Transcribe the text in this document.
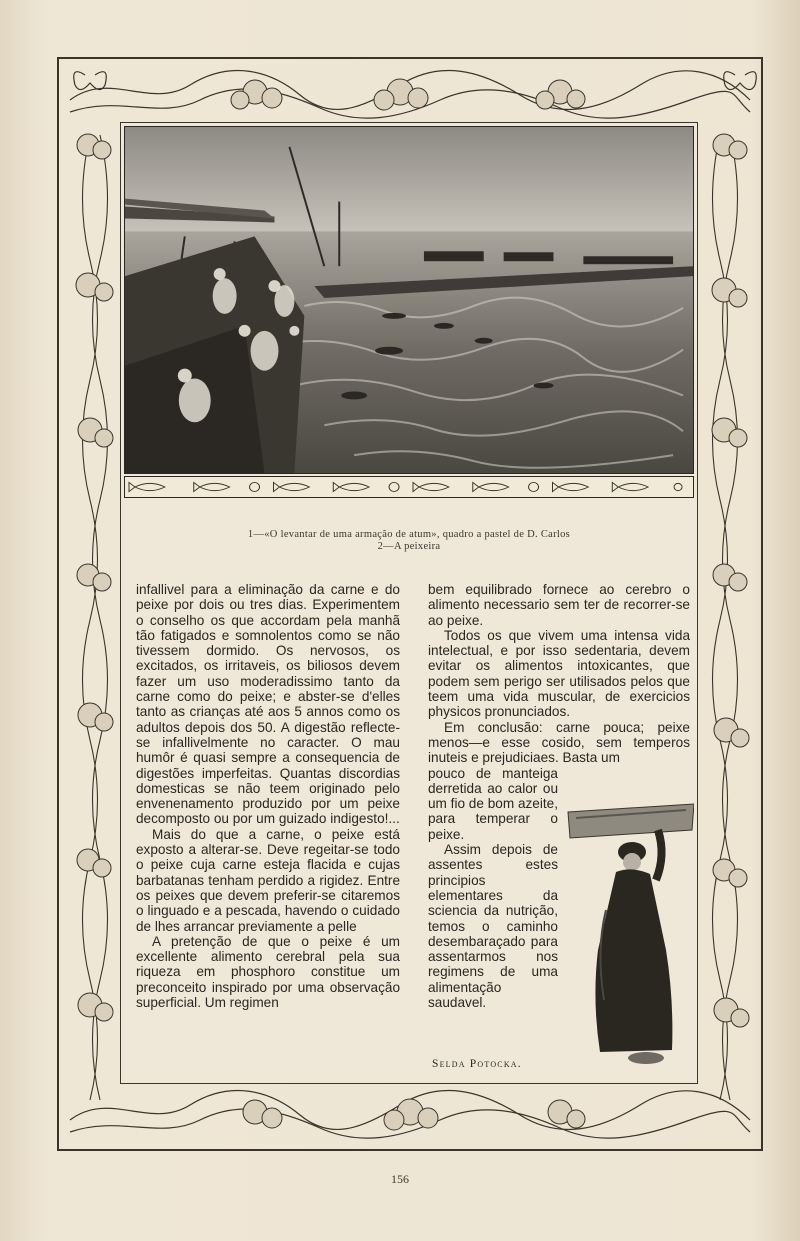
1—«O levantar de uma armação de atum», quadro a pastel de D. Carlos
2—A peixeira

infallivel para a eliminação da carne e do peixe por dois ou tres dias. Experimentem o conselho os que accordam pela manhã tão fatigados e somnolentos como se não tivessem dormido. Os nervosos, os excitados, os irritaveis, os biliosos devem fazer um uso moderadissimo tanto da carne como do peixe; e abster-se d'elles tanto as crianças até aos 5 annos como os adultos depois dos 50. A digestão reflecte-se infallivelmente no caracter. O mau humôr é quasi sempre a consequencia de digestões imperfeitas. Quantas discordias domesticas se não teem originado pelo envenenamento produzido por um peixe decomposto ou por um guizado indigesto!...

Mais do que a carne, o peixe está exposto a alterar-se. Deve regeitar-se todo o peixe cuja carne esteja flacida e cujas barbatanas tenham perdido a rigidez. Entre os peixes que devem preferir-se citaremos o linguado e a pescada, havendo o cuidado de lhes arrancar previamente a pelle

A pretenção de que o peixe é um excellente alimento cerebral pela sua riqueza em phosphoro constitue um preconceito inspirado por uma observação superficial. Um regimen

bem equilibrado fornece ao cerebro o alimento necessario sem ter de recorrer-se ao peixe.

Todos os que vivem uma intensa vida intelectual, e por isso sedentaria, devem evitar os alimentos intoxicantes, que podem sem perigo ser utilisados pelos que teem uma vida muscular, de exercicios physicos pronunciados.

Em conclusão: carne pouca; peixe menos—e esse cosido, sem temperos inuteis e prejudiciaes. Basta um

pouco de manteiga derretida ao calor ou um fio de bom azeite, para temperar o peixe.

Assim depois de assentes estes principios elementares da sciencia da nutrição, temos o caminho desembaraçado para assentarmos nos regimens de uma alimentação saudavel.

Selda Potocka.
156
